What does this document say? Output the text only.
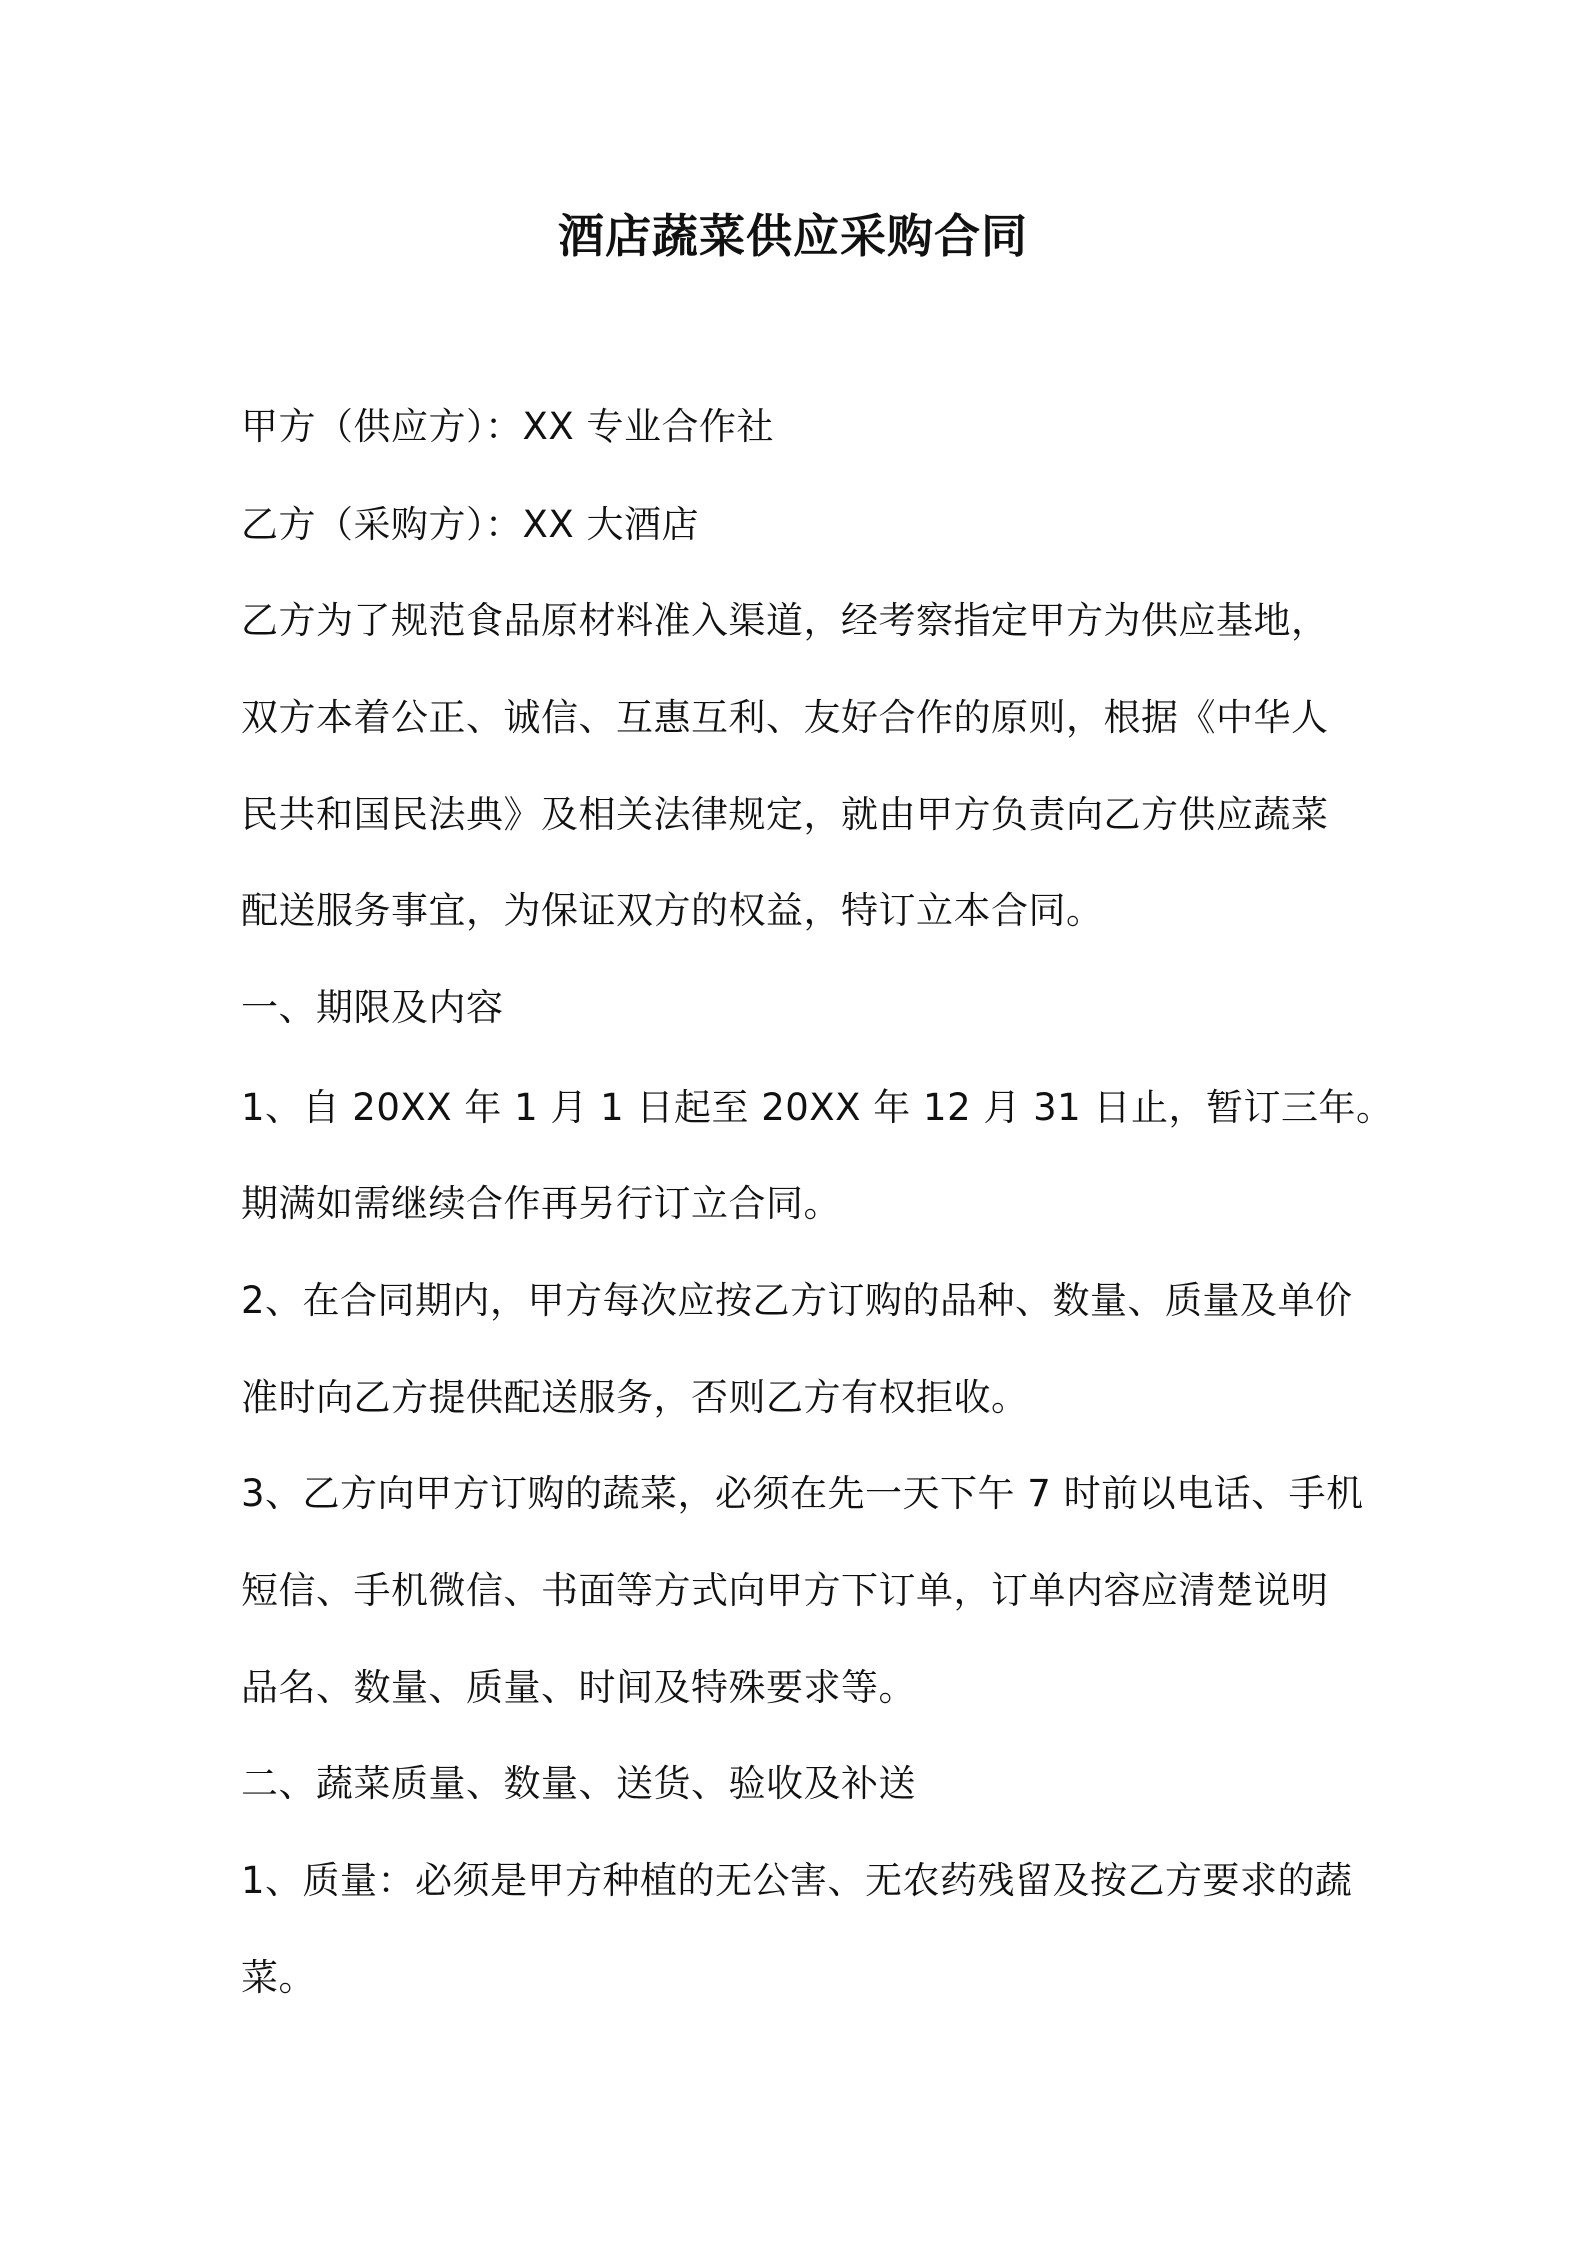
酒店蔬菜供应采购合同
甲方（供应方）：XX 专业合作社
乙方（采购方）：XX 大酒店
乙方为了规范食品原材料准入渠道，经考察指定甲方为供应基地，
双方本着公正、诚信、互惠互利、友好合作的原则，根据《中华人
民共和国民法典》及相关法律规定，就由甲方负责向乙方供应蔬菜
配送服务事宜，为保证双方的权益，特订立本合同。
一、期限及内容
1、自 20XX 年 1 月 1 日起至 20XX 年 12 月 31 日止，暂订三年。
期满如需继续合作再另行订立合同。
2、在合同期内，甲方每次应按乙方订购的品种、数量、质量及单价
准时向乙方提供配送服务，否则乙方有权拒收。
3、乙方向甲方订购的蔬菜，必须在先一天下午 7 时前以电话、手机
短信、手机微信、书面等方式向甲方下订单，订单内容应清楚说明
品名、数量、质量、时间及特殊要求等。
二、蔬菜质量、数量、送货、验收及补送
1、质量：必须是甲方种植的无公害、无农药残留及按乙方要求的蔬
菜。
